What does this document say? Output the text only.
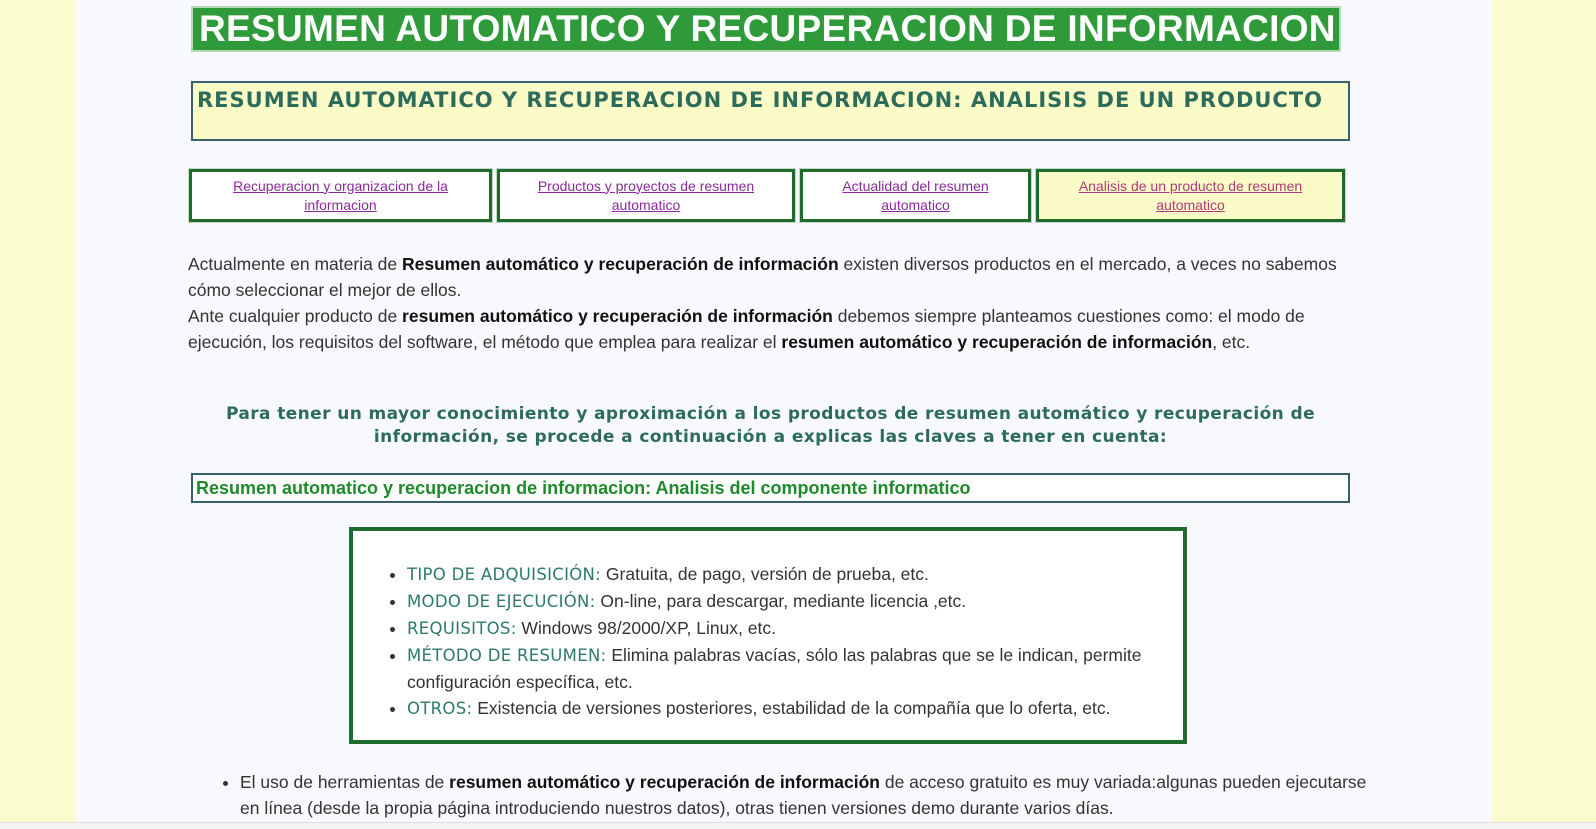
RESUMEN AUTOMATICO Y RECUPERACION DE INFORMACION
RESUMEN AUTOMATICO Y RECUPERACION DE INFORMACION: ANALISIS DE UN PRODUCTO
Recuperacion y organizacion de la informacion
Productos y proyectos de resumen automatico
Actualidad del resumen automatico
Analisis de un producto de resumen automatico
Actualmente en materia de Resumen automático y recuperación de información existen diversos productos en el mercado, a veces no sabemos cómo seleccionar el mejor de ellos.
Ante cualquier producto de resumen automático y recuperación de información debemos siempre planteamos cuestiones como: el modo de ejecución, los requisitos del software, el método que emplea para realizar el resumen automático y recuperación de información, etc.
Para tener un mayor conocimiento y aproximación a los productos de resumen automático y recuperación de información, se procede a continuación a explicas las claves a tener en cuenta:
Resumen automatico y recuperacion de informacion: Analisis del componente informatico
• TIPO DE ADQUISICIÓN: Gratuita, de pago, versión de prueba, etc.
• MODO DE EJECUCIÓN: On-line, para descargar, mediante licencia ,etc.
• REQUISITOS: Windows 98/2000/XP, Linux, etc.
• MÉTODO DE RESUMEN: Elimina palabras vacías, sólo las palabras que se le indican, permite configuración específica, etc.
• OTROS: Existencia de versiones posteriores, estabilidad de la compañía que lo oferta, etc.
• El uso de herramientas de resumen automático y recuperación de información de acceso gratuito es muy variada:algunas pueden ejecutarse en línea (desde la propia página introduciendo nuestros datos), otras tienen versiones demo durante varios días.
